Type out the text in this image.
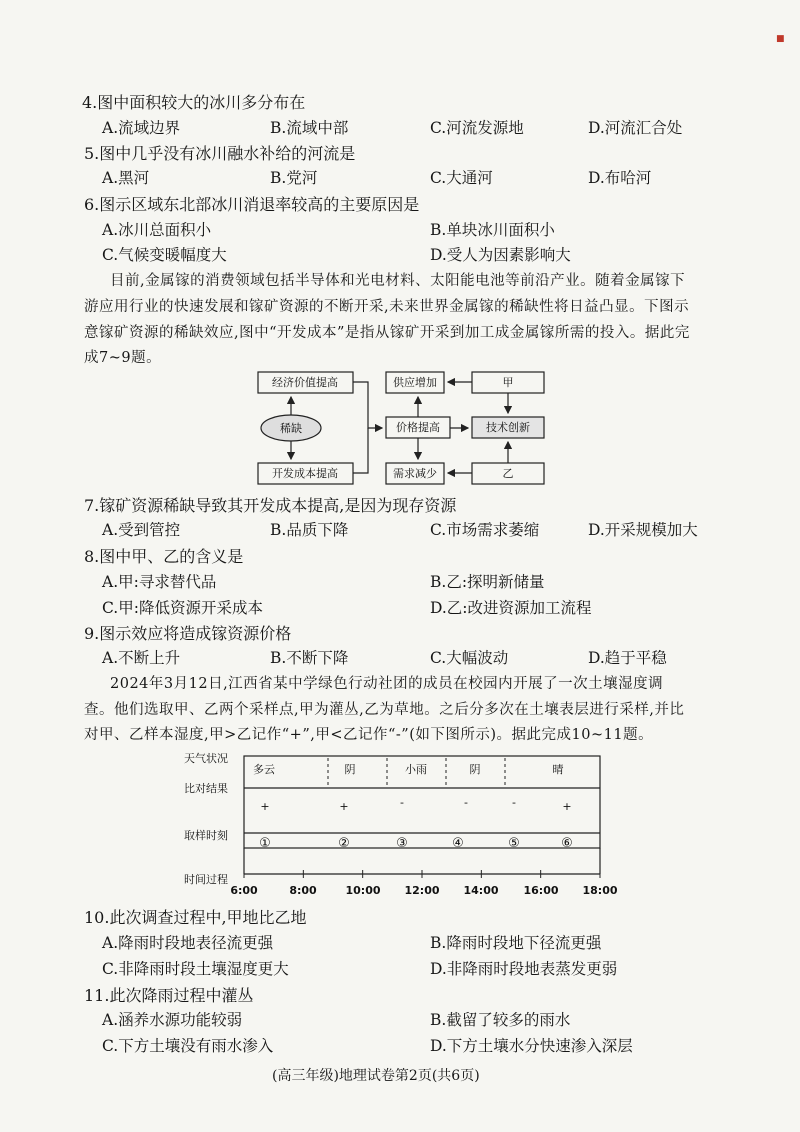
■
4.图中面积较大的冰川多分布在
A.流域边界	B.流域中部	C.河流发源地	D.河流汇合处
5.图中几乎没有冰川融水补给的河流是
A.黑河	B.党河	C.大通河	D.布哈河
6.图示区域东北部冰川消退率较高的主要原因是
A.冰川总面积小	B.单块冰川面积小
C.气候变暖幅度大	D.受人为因素影响大
目前,金属镓的消费领域包括半导体和光电材料、太阳能电池等前沿产业。随着金属镓下
游应用行业的快速发展和镓矿资源的不断开采,未来世界金属镓的稀缺性将日益凸显。下图示
意镓矿资源的稀缺效应,图中“开发成本”是指从镓矿开采到加工成金属镓所需的投入。据此完
成7~9题。
经济价值提高
开发成本提高
价格提高
供应增加
需求减少
技术创新
甲
乙
稀缺
7.镓矿资源稀缺导致其开发成本提高,是因为现存资源
A.受到管控	B.品质下降	C.市场需求萎缩	D.开采规模加大
8.图中甲、乙的含义是
A.甲:寻求替代品	B.乙:探明新储量
C.甲:降低资源开采成本	D.乙:改进资源加工流程
9.图示效应将造成镓资源价格
A.不断上升	B.不断下降	C.大幅波动	D.趋于平稳
2024年3月12日,江西省某中学绿色行动社团的成员在校园内开展了一次土壤湿度调
查。他们选取甲、乙两个采样点,甲为灌丛,乙为草地。之后分多次在土壤表层进行采样,并比
对甲、乙样本湿度,甲>乙记作“+”,甲<乙记作“-”(如下图所示)。据此完成10~11题。
天气状况
比对结果
取样时刻
时间过程
多云	阴	小雨	阴	晴
+	+	-	-	-	+
①	②	③	④	⑤	⑥
6:00	8:00	10:00 12:00 14:00 16:00 18:00
10.此次调查过程中,甲地比乙地
A.降雨时段地表径流更强	B.降雨时段地下径流更强
C.非降雨时段土壤湿度更大	D.非降雨时段地表蒸发更弱
11.此次降雨过程中灌丛
A.涵养水源功能较弱	B.截留了较多的雨水
C.下方土壤没有雨水渗入	D.下方土壤水分快速渗入深层
(高三年级)地理试卷第2页(共6页)
